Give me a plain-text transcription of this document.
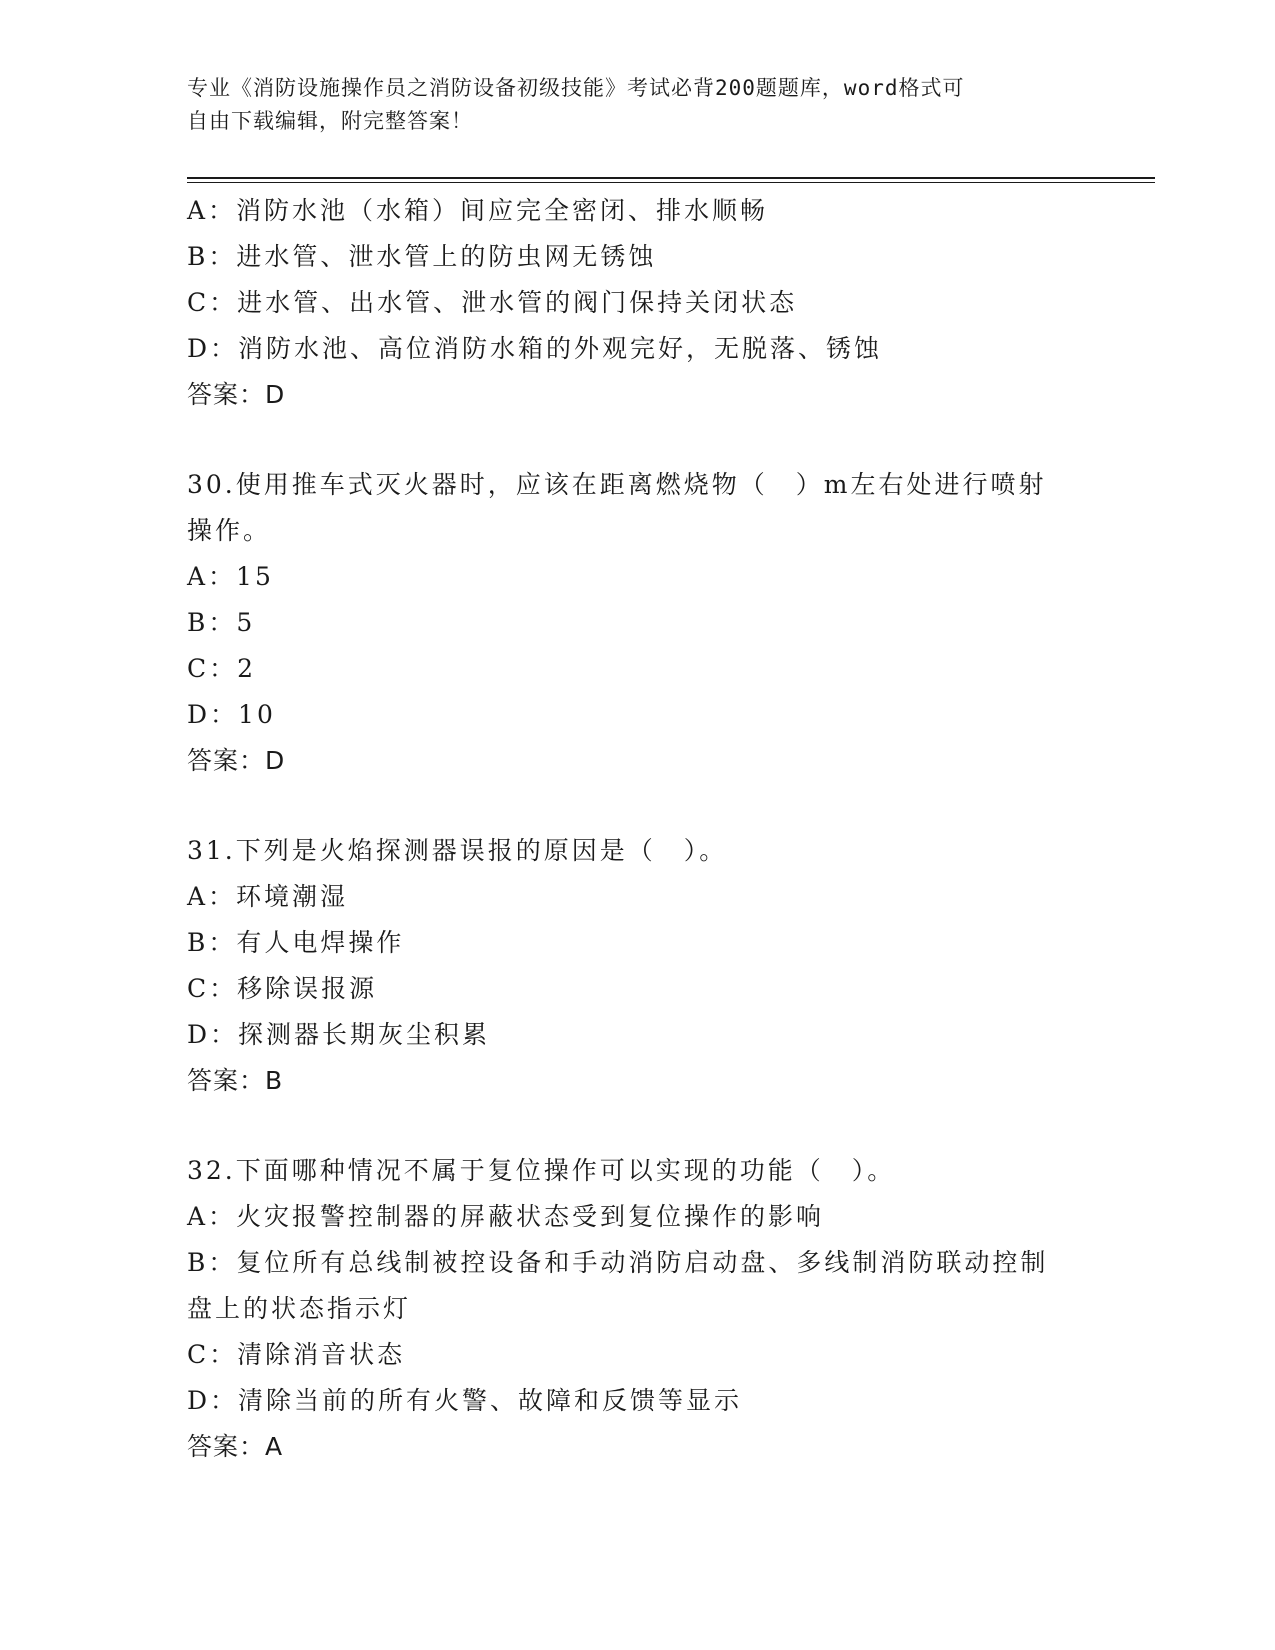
专业《消防设施操作员之消防设备初级技能》考试必背200题题库，word格式可
自由下载编辑，附完整答案！
A：消防水池（水箱）间应完全密闭、排水顺畅
B：进水管、泄水管上的防虫网无锈蚀
C：进水管、出水管、泄水管的阀门保持关闭状态
D：消防水池、高位消防水箱的外观完好，无脱落、锈蚀
答案：D
30.使用推车式灭火器时，应该在距离燃烧物（　）m左右处进行喷射
操作。
A：15
B：5
C：2
D：10
答案：D
31.下列是火焰探测器误报的原因是（　）。
A：环境潮湿
B：有人电焊操作
C：移除误报源
D：探测器长期灰尘积累
答案：B
32.下面哪种情况不属于复位操作可以实现的功能（　）。
A：火灾报警控制器的屏蔽状态受到复位操作的影响
B：复位所有总线制被控设备和手动消防启动盘、多线制消防联动控制
盘上的状态指示灯
C：清除消音状态
D：清除当前的所有火警、故障和反馈等显示
答案：A
